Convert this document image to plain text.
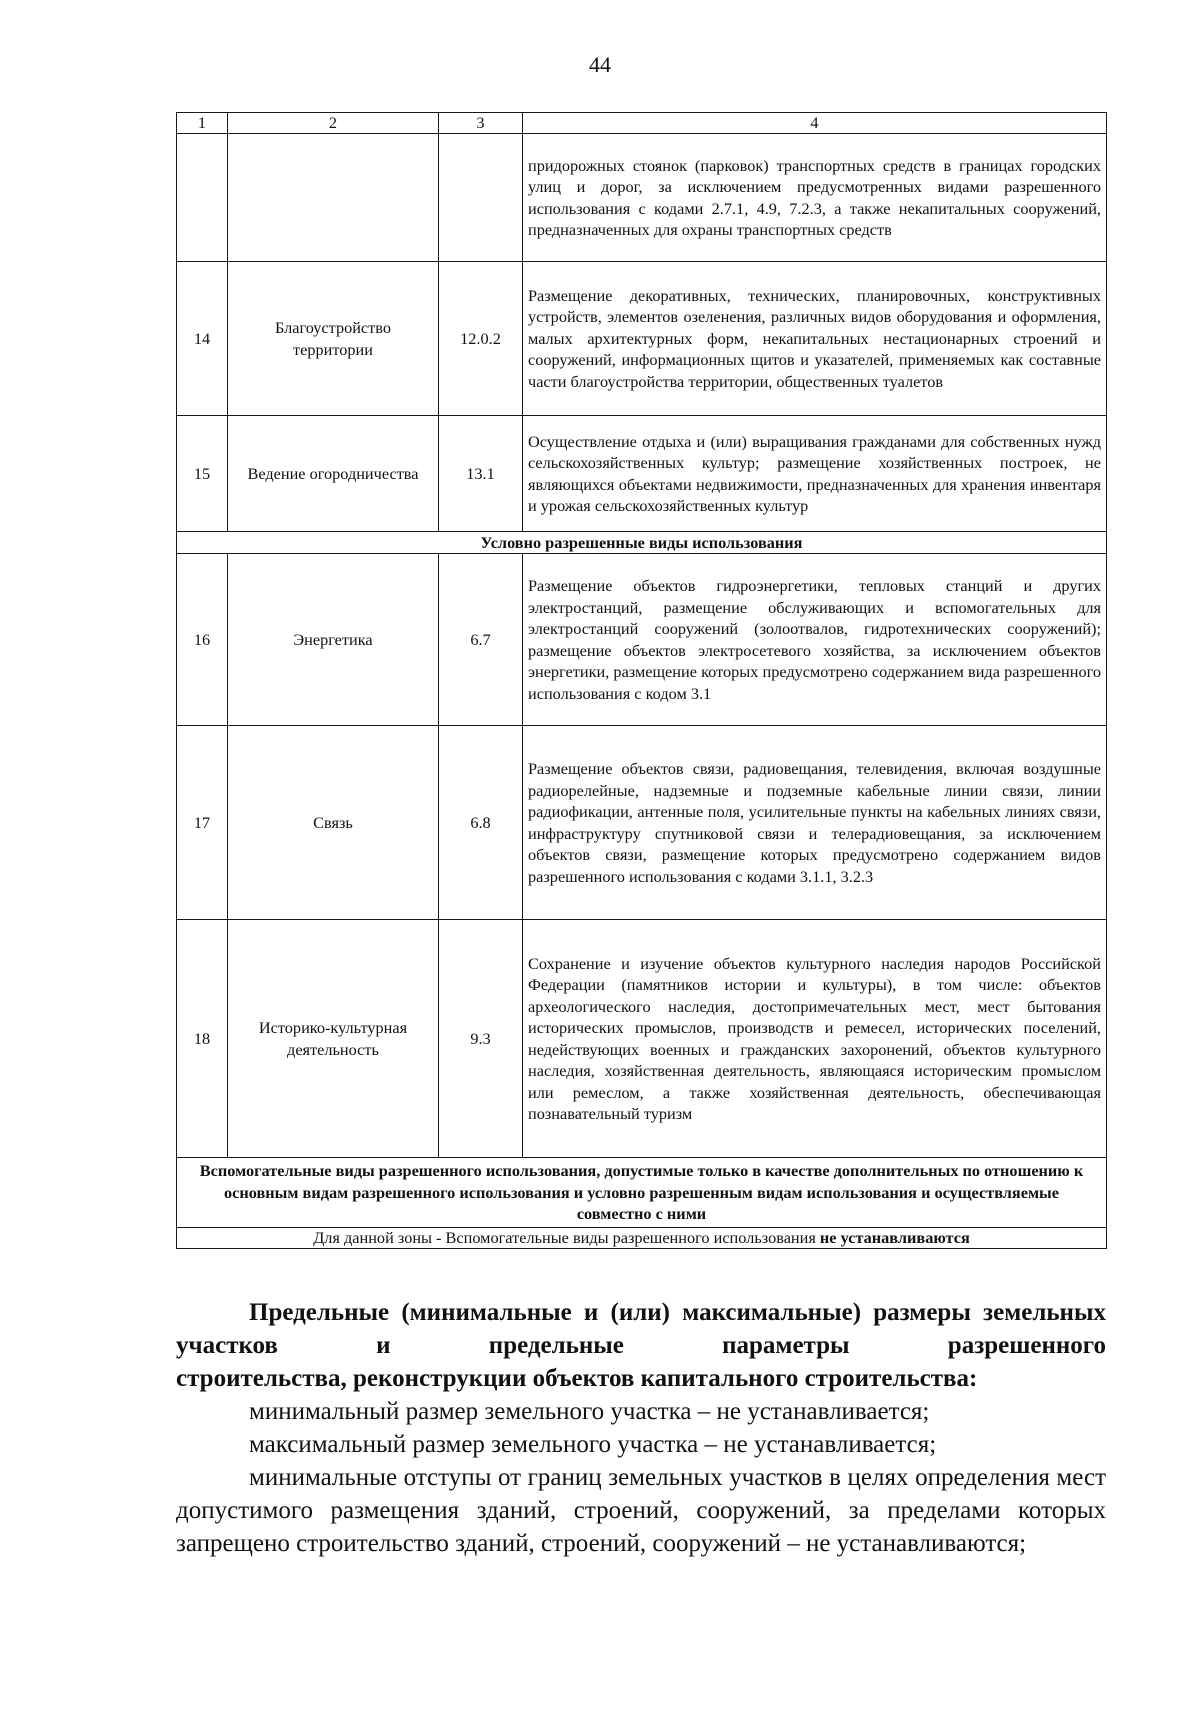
44
1	2	3	4
			придорожных стоянок (парковок) транспортных средств в границах городских улиц и дорог, за исключением предусмотренных видами разрешенного использования с кодами 2.7.1, 4.9, 7.2.3, а также некапитальных сооружений, предназначенных для охраны транспортных средств
14	Благоустройство территории	12.0.2	Размещение декоративных, технических, планировочных, конструктивных устройств, элементов озеленения, различных видов оборудования и оформления, малых архитектурных форм, некапитальных нестационарных строений и сооружений, информационных щитов и указателей, применяемых как составные части благоустройства территории, общественных туалетов
15	Ведение огородничества	13.1	Осуществление отдыха и (или) выращивания гражданами для собственных нужд сельскохозяйственных культур; размещение хозяйственных построек, не являющихся объектами недвижимости, предназначенных для хранения инвентаря и урожая сельскохозяйственных культур
Условно разрешенные виды использования			
16	Энергетика	6.7	Размещение объектов гидроэнергетики, тепловых станций и других электростанций, размещение обслуживающих и вспомогательных для электростанций сооружений (золоотвалов, гидротехнических сооружений); размещение объектов электросетевого хозяйства, за исключением объектов энергетики, размещение которых предусмотрено содержанием вида разрешенного использования с кодом 3.1
17	Связь	6.8	Размещение объектов связи, радиовещания, телевидения, включая воздушные радиорелейные, надземные и подземные кабельные линии связи, линии радиофикации, антенные поля, усилительные пункты на кабельных линиях связи, инфраструктуру спутниковой связи и телерадиовещания, за исключением объектов связи, размещение которых предусмотрено содержанием видов разрешенного использования с кодами 3.1.1, 3.2.3
18	Историко-культурная деятельность	9.3	Сохранение и изучение объектов культурного наследия народов Российской Федерации (памятников истории и культуры), в том числе: объектов археологического наследия, достопримечательных мест, мест бытования исторических промыслов, производств и ремесел, исторических поселений, недействующих военных и гражданских захоронений, объектов культурного наследия, хозяйственная деятельность, являющаяся историческим промыслом или ремеслом, а также хозяйственная деятельность, обеспечивающая познавательный туризм
Вспомогательные виды разрешенного использования, допустимые только в качестве дополнительных по отношению к основным видам разрешенного использования и условно разрешенным видам использования и осуществляемые совместно с ними			
Для данной зоны - Вспомогательные виды разрешенного использования не устанавливаются			
Предельные (минимальные и (или) максимальные) размеры земельных участков и предельные параметры разрешенного
строительства, реконструкции объектов капитального строительства:
минимальный размер земельного участка – не устанавливается;
максимальный размер земельного участка – не устанавливается;
минимальные отступы от границ земельных участков в целях определения мест допустимого размещения зданий, строений, сооружений, за пределами которых запрещено строительство зданий, строений, сооружений – не устанавливаются;
